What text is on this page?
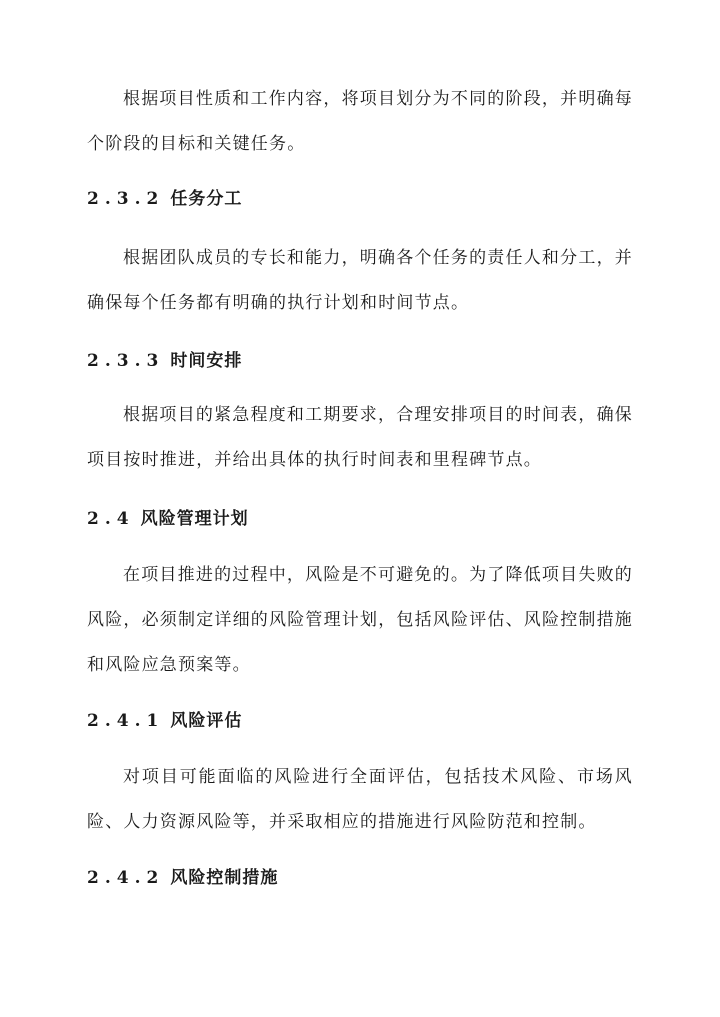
根据项目性质和工作内容，将项目划分为不同的阶段，并明确每个阶段的目标和关键任务。

2.3.2 任务分工

根据团队成员的专长和能力，明确各个任务的责任人和分工，并确保每个任务都有明确的执行计划和时间节点。

2.3.3 时间安排

根据项目的紧急程度和工期要求，合理安排项目的时间表，确保项目按时推进，并给出具体的执行时间表和里程碑节点。

2.4 风险管理计划

在项目推进的过程中，风险是不可避免的。为了降低项目失败的风险，必须制定详细的风险管理计划，包括风险评估、风险控制措施和风险应急预案等。

2.4.1 风险评估

对项目可能面临的风险进行全面评估，包括技术风险、市场风险、人力资源风险等，并采取相应的措施进行风险防范和控制。

2.4.2 风险控制措施
